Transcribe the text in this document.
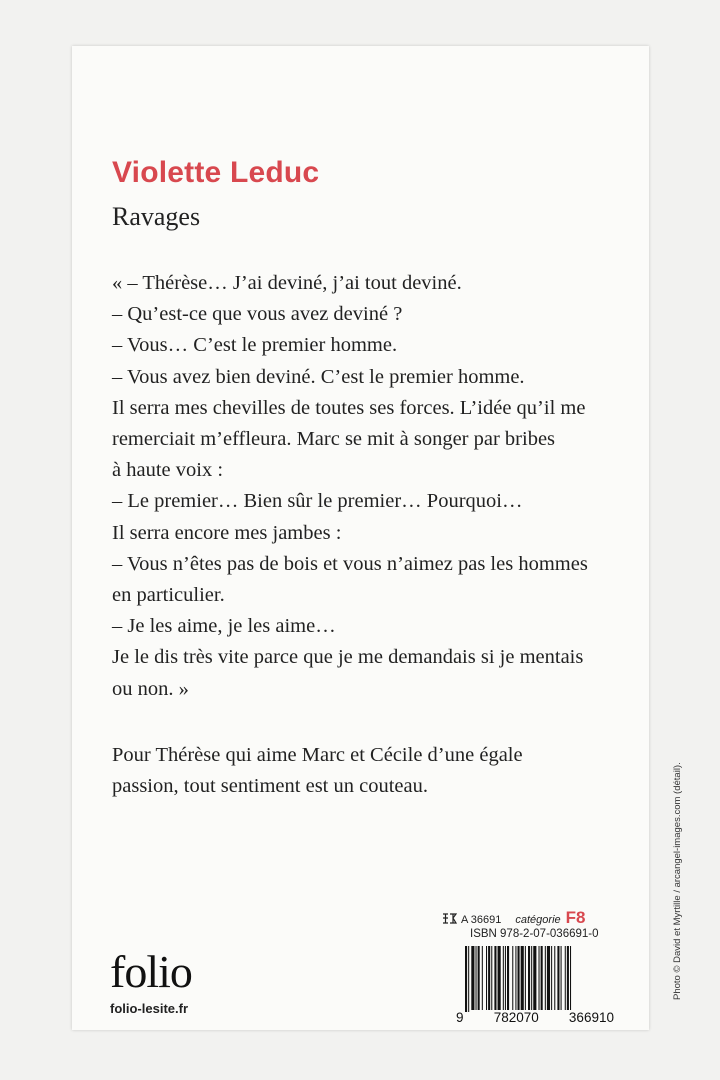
Violette Leduc
Ravages
« – Thérèse… J’ai deviné, j’ai tout deviné.
– Qu’est-ce que vous avez deviné ?
– Vous… C’est le premier homme.
– Vous avez bien deviné. C’est le premier homme.
Il serra mes chevilles de toutes ses forces. L’idée qu’il me
remerciait m’effleura. Marc se mit à songer par bribes
à haute voix :
– Le premier… Bien sûr le premier… Pourquoi…
Il serra encore mes jambes :
– Vous n’êtes pas de bois et vous n’aimez pas les hommes
en particulier.
– Je les aime, je les aime…
Je le dis très vite parce que je me demandais si je mentais
ou non. »
Pour Thérèse qui aime Marc et Cécile d’une égale
passion, tout sentiment est un couteau.
A 36691 catégorie F8
ISBN 978-2-07-036691-0
9 782070 366910
folio
folio-lesite.fr
Photo © David et Myrtille / arcangel-images.com (détail).
